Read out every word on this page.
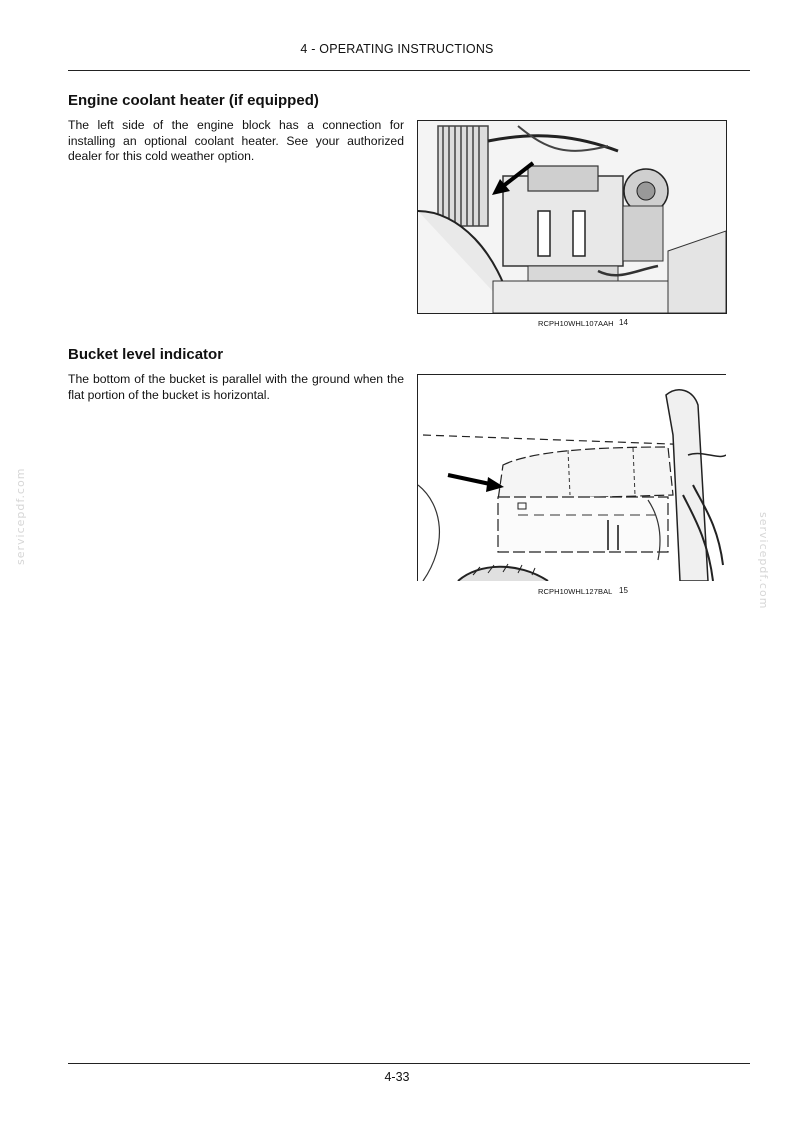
4 - OPERATING INSTRUCTIONS
Engine coolant heater (if equipped)
The left side of the engine block has a connection for installing an optional coolant heater. See your authorized dealer for this cold weather option.
RCPH10WHL107AAH 14
Bucket level indicator
The bottom of the bucket is parallel with the ground when the flat portion of the bucket is horizontal.
RCPH10WHL127BAL 15
servicepdf.com	servicepdf.com
4-33
